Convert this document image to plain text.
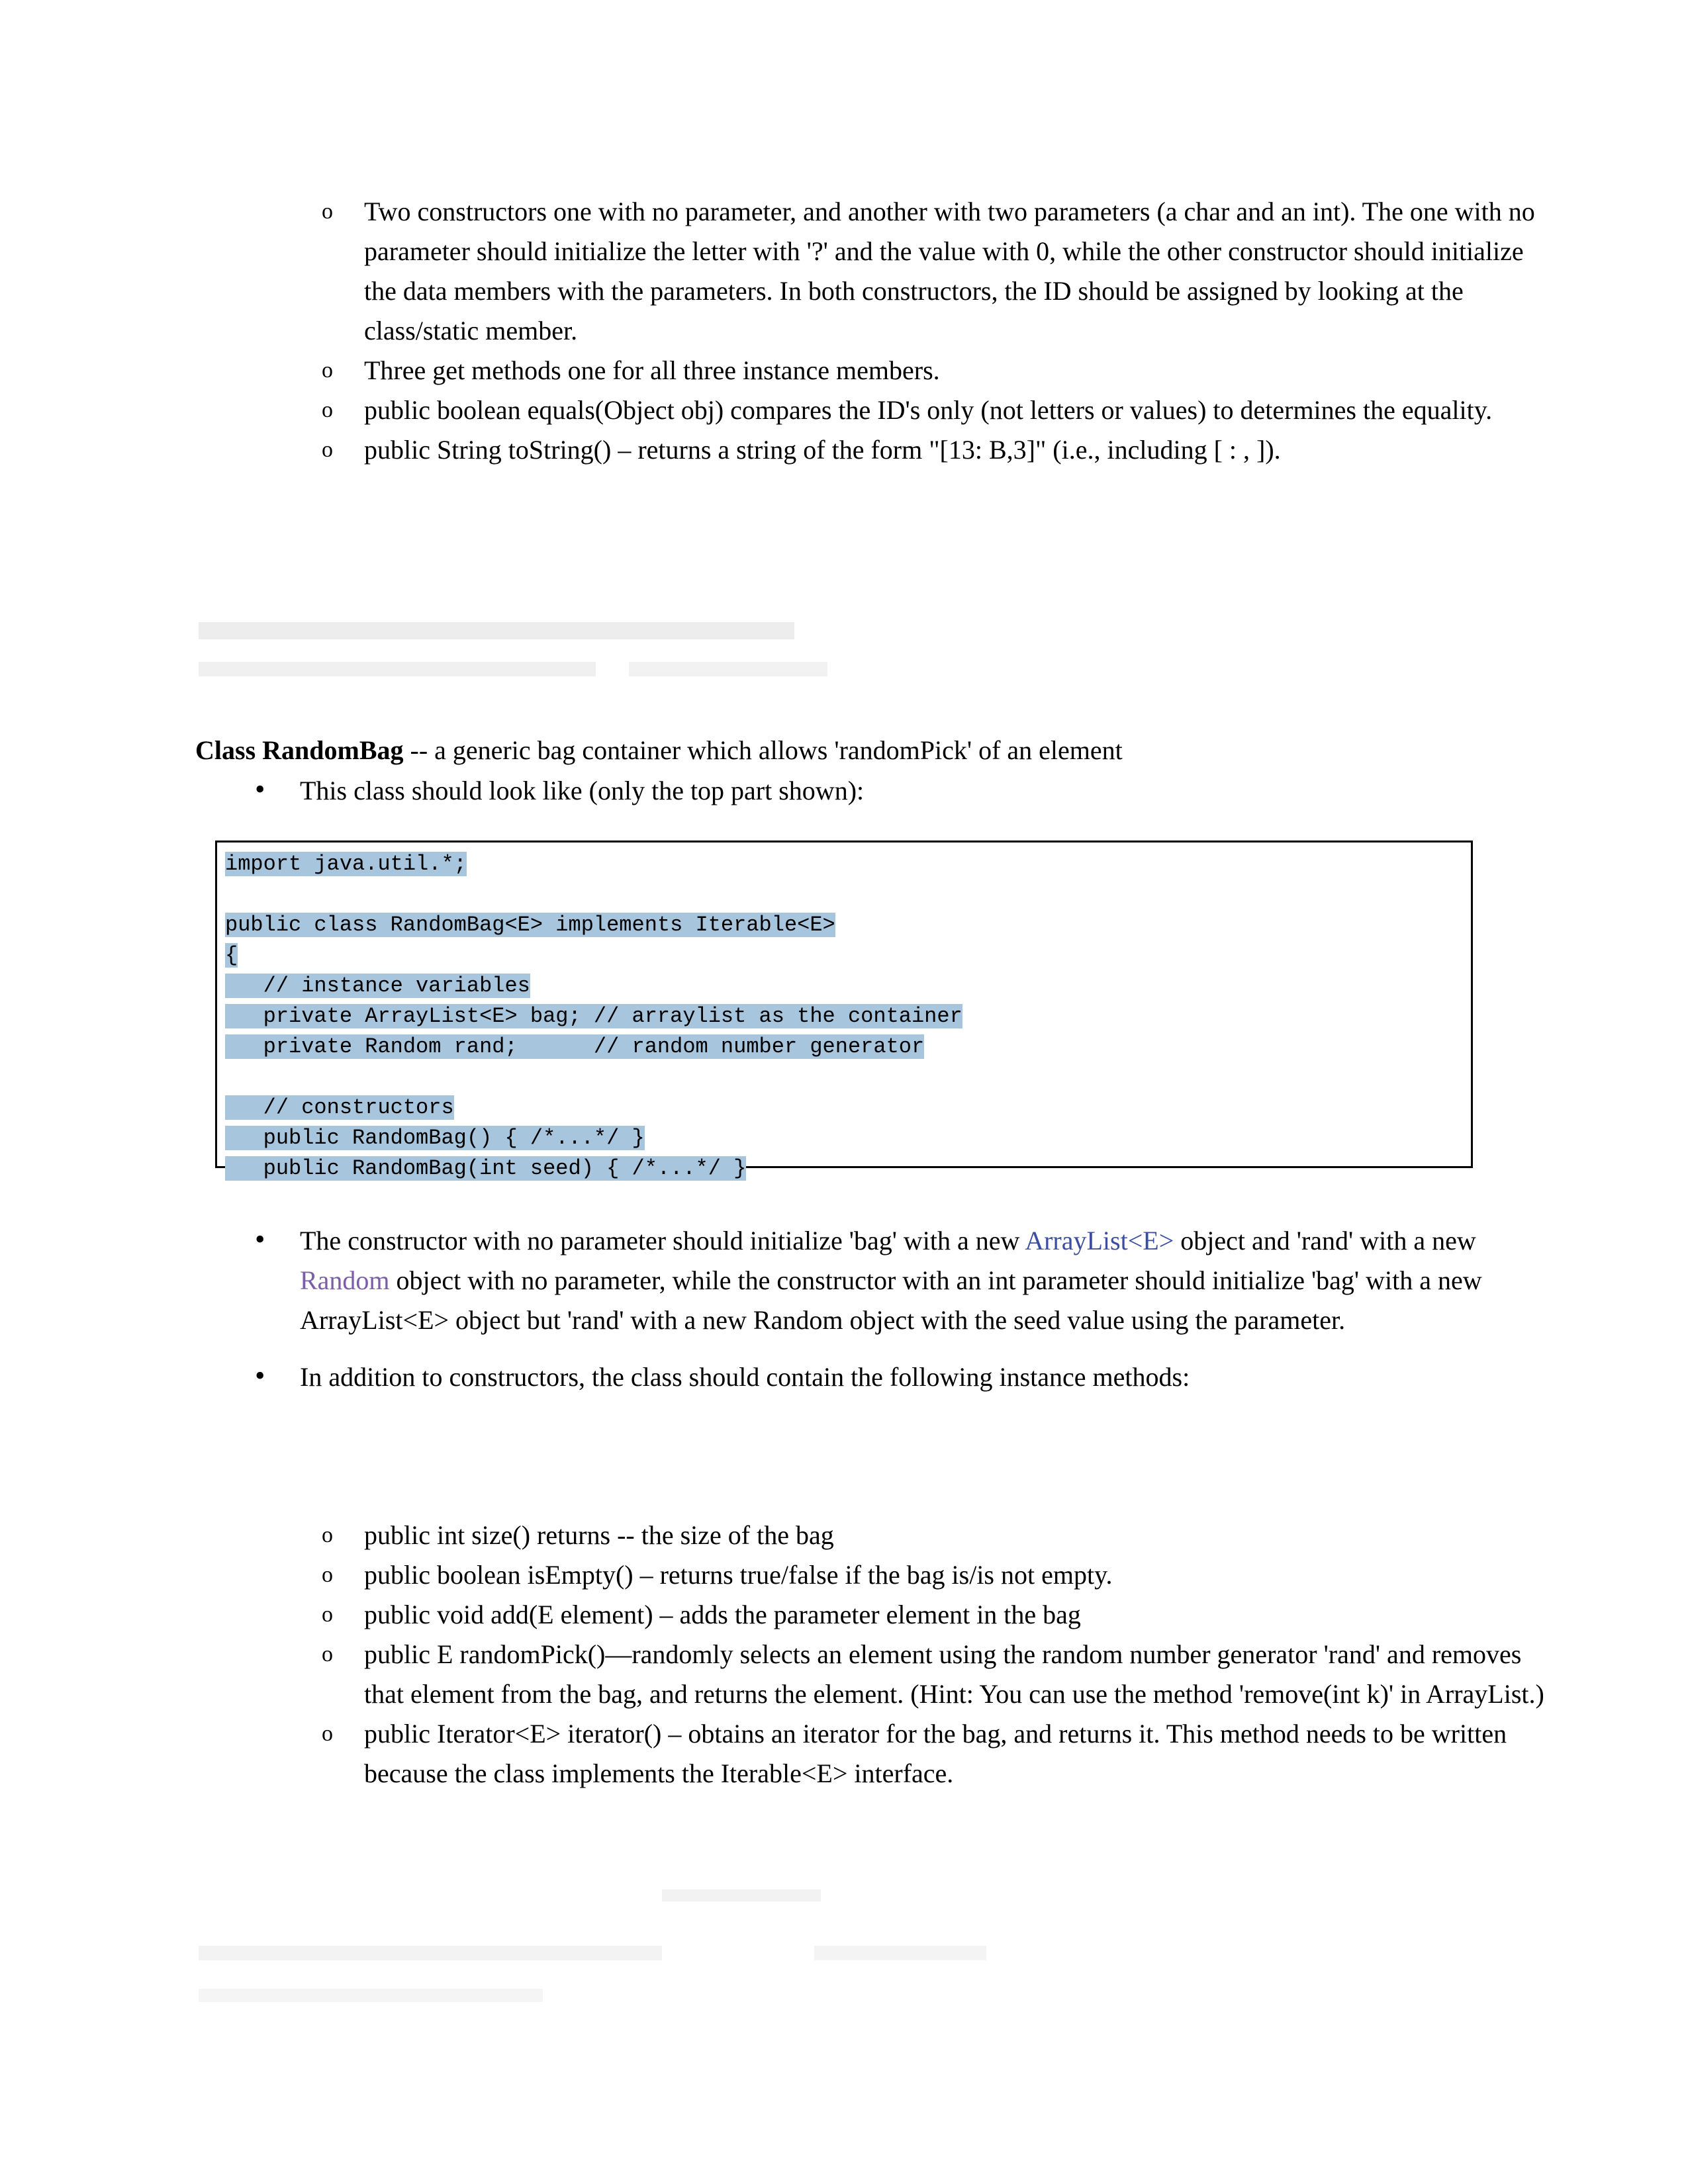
o Two constructors one with no parameter, and another with two parameters (a char and an int). The one with no parameter should initialize the letter with '?' and the value with 0, while the other constructor should initialize the data members with the parameters. In both constructors, the ID should be assigned by looking at the class/static member.
o Three get methods one for all three instance members.
o public boolean equals(Object obj) compares the ID's only (not letters or values) to determines the equality.
o public String toString() – returns a string of the form "[13: B,3]" (i.e., including [ : , ]).
Class RandomBag -- a generic bag container which allows 'randomPick' of an element
• This class should look like (only the top part shown):
import java.util.*;
public class RandomBag<E> implements Iterable<E>
{
// instance variables
private ArrayList<E> bag; // arraylist as the container
private Random rand;      // random number generator
// constructors
public RandomBag() { /*...*/ }
public RandomBag(int seed) { /*...*/ }
• The constructor with no parameter should initialize 'bag' with a new ArrayList<E> object and 'rand' with a new Random object with no parameter, while the constructor with an int parameter should initialize 'bag' with a new ArrayList<E> object but 'rand' with a new Random object with the seed value using the parameter.
• In addition to constructors, the class should contain the following instance methods:
o public int size() returns -- the size of the bag
o public boolean isEmpty() – returns true/false if the bag is/is not empty.
o public void add(E element) – adds the parameter element in the bag
o public E randomPick()—randomly selects an element using the random number generator 'rand' and removes that element from the bag, and returns the element. (Hint: You can use the method 'remove(int k)' in ArrayList.)
o public Iterator<E> iterator() – obtains an iterator for the bag, and returns it. This method needs to be written because the class implements the Iterable<E> interface.
